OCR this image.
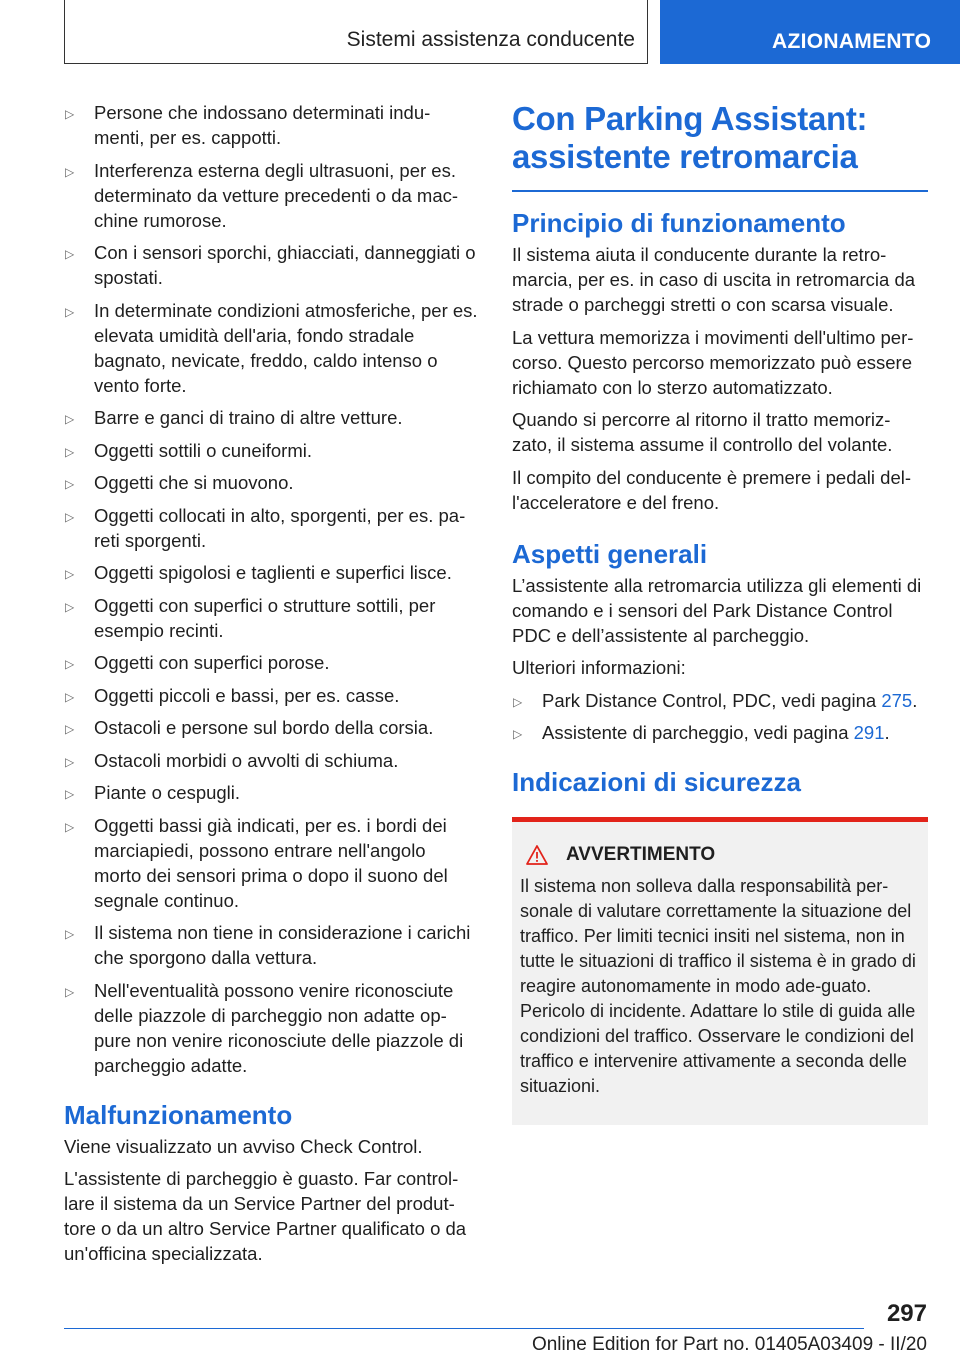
Sistemi assistenza conducente	AZIONAMENTO
▷ Persone che indossano determinati indu-menti, per es. cappotti.
▷ Interferenza esterna degli ultrasuoni, per es. determinato da vetture precedenti o da mac-chine rumorose.
▷ Con i sensori sporchi, ghiacciati, danneggiati o spostati.
▷ In determinate condizioni atmosferiche, per es. elevata umidità dell'aria, fondo stradale bagnato, nevicate, freddo, caldo intenso o vento forte.
▷ Barre e ganci di traino di altre vetture.
▷ Oggetti sottili o cuneiformi.
▷ Oggetti che si muovono.
▷ Oggetti collocati in alto, sporgenti, per es. pa-reti sporgenti.
▷ Oggetti spigolosi e taglienti e superfici lisce.
▷ Oggetti con superfici o strutture sottili, per esempio recinti.
▷ Oggetti con superfici porose.
▷ Oggetti piccoli e bassi, per es. casse.
▷ Ostacoli e persone sul bordo della corsia.
▷ Ostacoli morbidi o avvolti di schiuma.
▷ Piante o cespugli.
▷ Oggetti bassi già indicati, per es. i bordi dei marciapiedi, possono entrare nell'angolo morto dei sensori prima o dopo il suono del segnale continuo.
▷ Il sistema non tiene in considerazione i carichi che sporgono dalla vettura.
▷ Nell'eventualità possono venire riconosciute delle piazzole di parcheggio non adatte op-pure non venire riconosciute delle piazzole di parcheggio adatte.
Malfunzionamento

Viene visualizzato un avviso Check Control.

L'assistente di parcheggio è guasto. Far control-lare il sistema da un Service Partner del produt-tore o da un altro Service Partner qualificato o da un'officina specializzata.

Con Parking Assistant: assistente retromarcia
Principio di funzionamento

Il sistema aiuta il conducente durante la retro-marcia, per es. in caso di uscita in retromarcia da strade o parcheggi stretti o con scarsa visuale.

La vettura memorizza i movimenti dell'ultimo per-corso. Questo percorso memorizzato può essere richiamato con lo sterzo automatizzato.

Quando si percorre al ritorno il tratto memoriz-zato, il sistema assume il controllo del volante.

Il compito del conducente è premere i pedali del-l'acceleratore e del freno.

Aspetti generali

L’assistente alla retromarcia utilizza gli elementi di comando e i sensori del Park Distance Control PDC e dell’assistente al parcheggio.

Ulteriori informazioni:

▷ Park Distance Control, PDC, vedi pagina 275.
▷ Assistente di parcheggio, vedi pagina 291.
Indicazioni di sicurezza
AVVERTIMENTO

Il sistema non solleva dalla responsabilità per-sonale di valutare correttamente la situazione del traffico. Per limiti tecnici insiti nel sistema, non in tutte le situazioni di traffico il sistema è in grado di reagire autonomamente in modo ade-guato. Pericolo di incidente. Adattare lo stile di guida alle condizioni del traffico. Osservare le condizioni del traffico e intervenire attivamente a seconda delle situazioni.

297
Online Edition for Part no. 01405A03409 - II/20
